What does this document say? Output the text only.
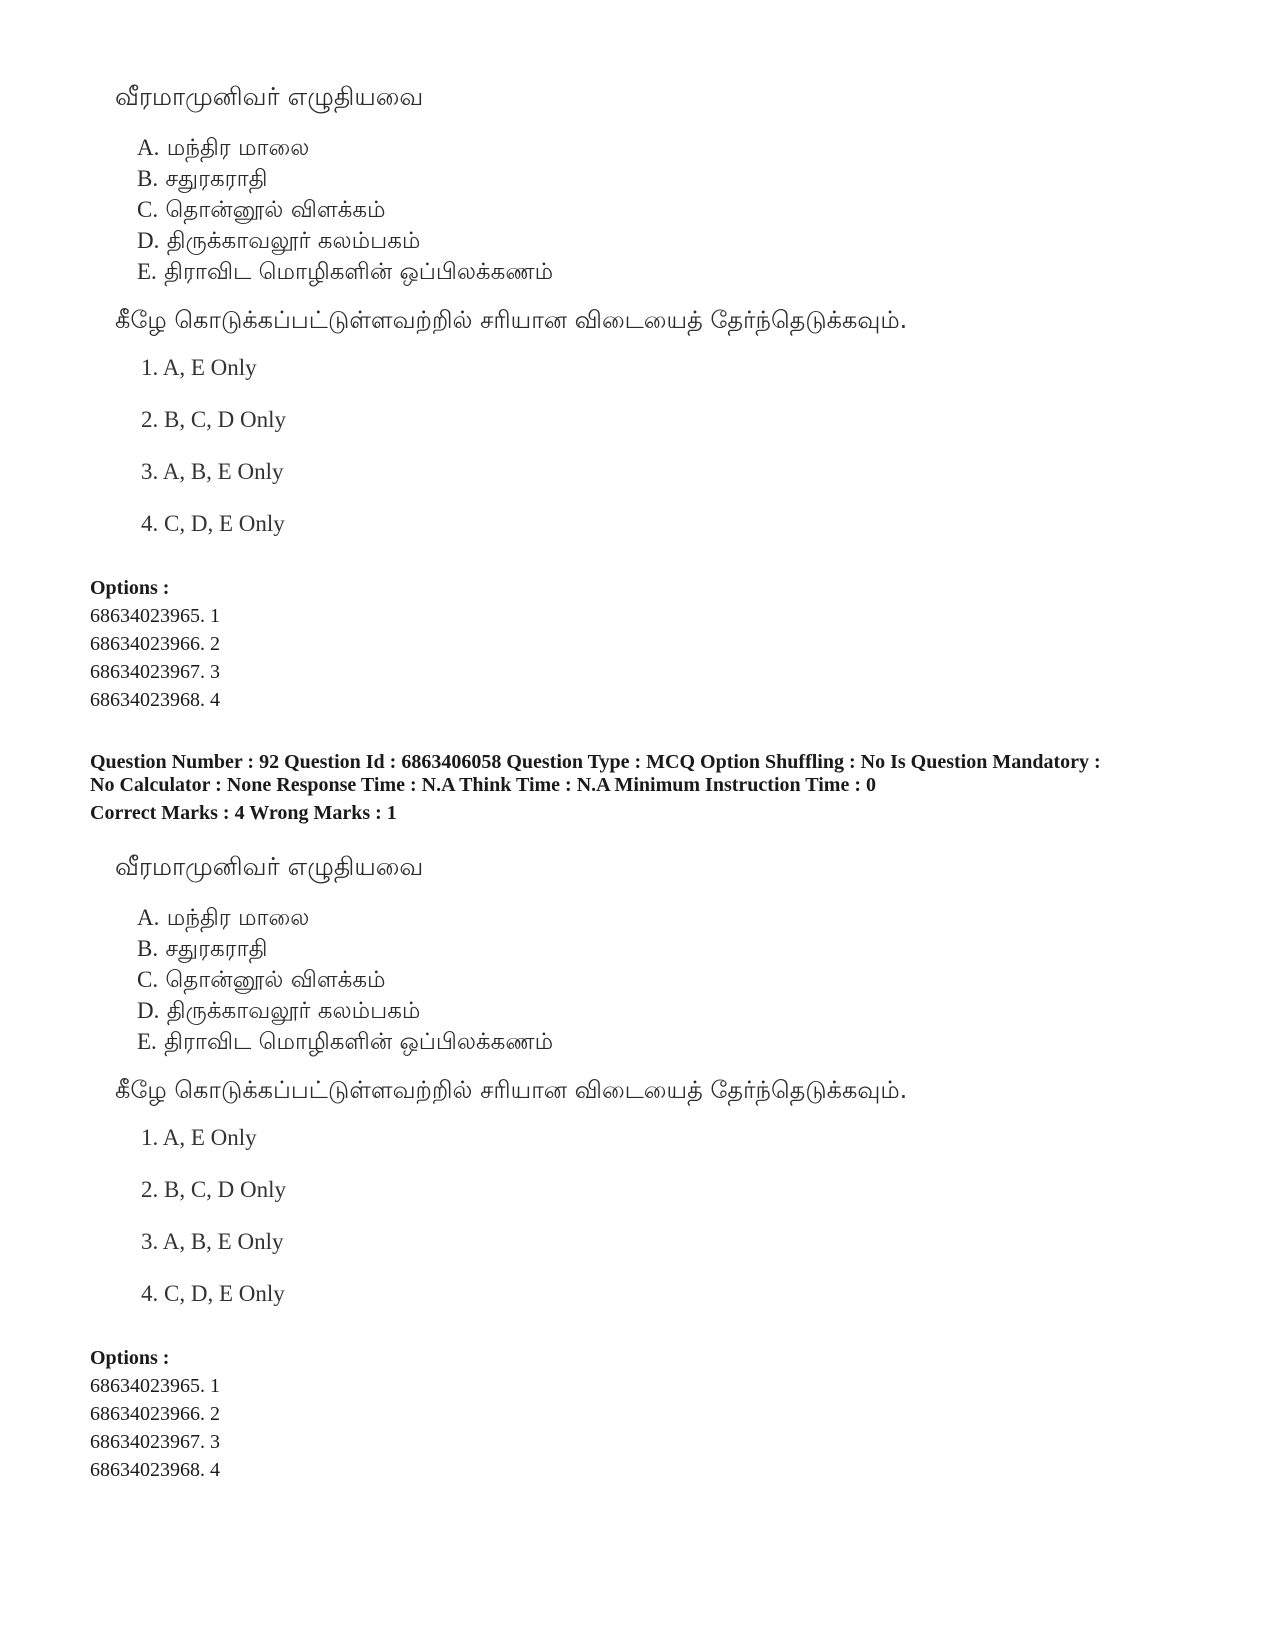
வீரமாமுனிவர் எழுதியவை

A. மந்திர மாலை
B. சதுரகராதி
C. தொன்னூல் விளக்கம்
D. திருக்காவலூர் கலம்பகம்
E. திராவிட மொழிகளின் ஒப்பிலக்கணம்

கீழே கொடுக்கப்பட்டுள்ளவற்றில் சரியான விடையைத் தேர்ந்தெடுக்கவும்.

1. A, E Only
2. B, C, D Only
3. A, B, E Only
4. C, D, E Only

Options :

68634023965. 1
68634023966. 2
68634023967. 3
68634023968. 4

Question Number : 92 Question Id : 6863406058 Question Type : MCQ Option Shuffling : No Is Question Mandatory :

No Calculator : None Response Time : N.A Think Time : N.A Minimum Instruction Time : 0

Correct Marks : 4 Wrong Marks : 1

வீரமாமுனிவர் எழுதியவை

A. மந்திர மாலை
B. சதுரகராதி
C. தொன்னூல் விளக்கம்
D. திருக்காவலூர் கலம்பகம்
E. திராவிட மொழிகளின் ஒப்பிலக்கணம்

கீழே கொடுக்கப்பட்டுள்ளவற்றில் சரியான விடையைத் தேர்ந்தெடுக்கவும்.

1. A, E Only
2. B, C, D Only
3. A, B, E Only
4. C, D, E Only

Options :

68634023965. 1
68634023966. 2
68634023967. 3
68634023968. 4
